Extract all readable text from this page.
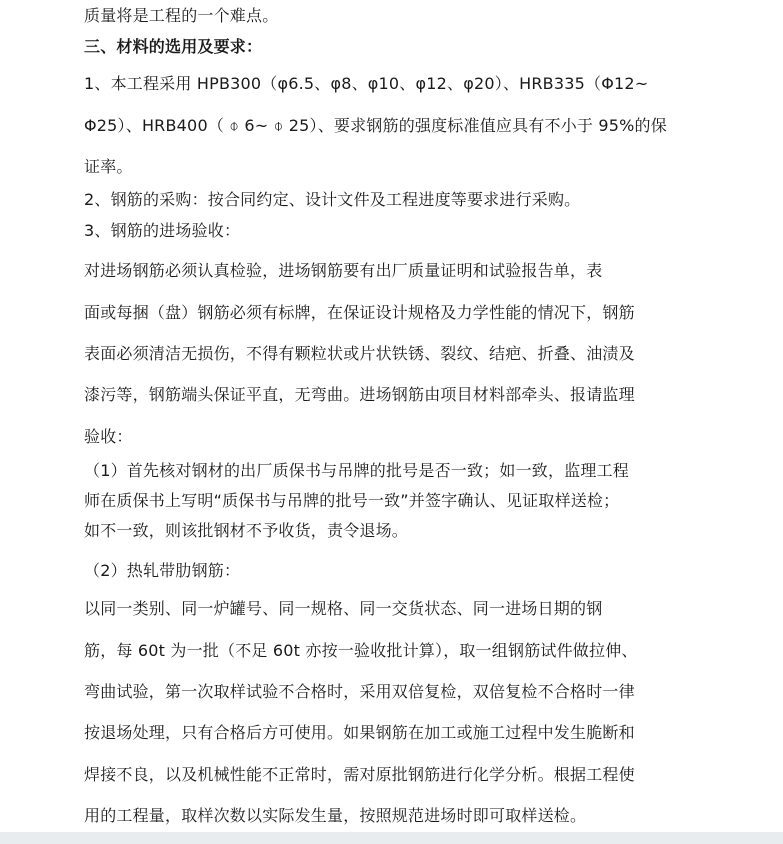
质量将是工程的一个难点。
三、材料的选用及要求：
1、本工程采用 HPB300（φ6.5、φ8、φ10、φ12、φ20）、HRB335（Φ12~
Φ25）、HRB400（ ⌽ 6~ ⌽ 25）、要求钢筋的强度标准值应具有不小于 95%的保
证率。
2、钢筋的采购：按合同约定、设计文件及工程进度等要求进行采购。
3、钢筋的进场验收：
对进场钢筋必须认真检验，进场钢筋要有出厂质量证明和试验报告单，表
面或每捆（盘）钢筋必须有标牌，在保证设计规格及力学性能的情况下，钢筋
表面必须清洁无损伤，不得有颗粒状或片状铁锈、裂纹、结疤、折叠、油渍及
漆污等，钢筋端头保证平直，无弯曲。进场钢筋由项目材料部牵头、报请监理
验收：
（1）首先核对钢材的出厂质保书与吊牌的批号是否一致；如一致，监理工程
师在质保书上写明“质保书与吊牌的批号一致”并签字确认、见证取样送检；
如不一致，则该批钢材不予收货，责令退场。
（2）热轧带肋钢筋：
以同一类别、同一炉罐号、同一规格、同一交货状态、同一进场日期的钢
筋，每 60t 为一批（不足 60t 亦按一验收批计算），取一组钢筋试件做拉伸、
弯曲试验，第一次取样试验不合格时，采用双倍复检，双倍复检不合格时一律
按退场处理，只有合格后方可使用。如果钢筋在加工或施工过程中发生脆断和
焊接不良，以及机械性能不正常时，需对原批钢筋进行化学分析。根据工程使
用的工程量，取样次数以实际发生量，按照规范进场时即可取样送检。
